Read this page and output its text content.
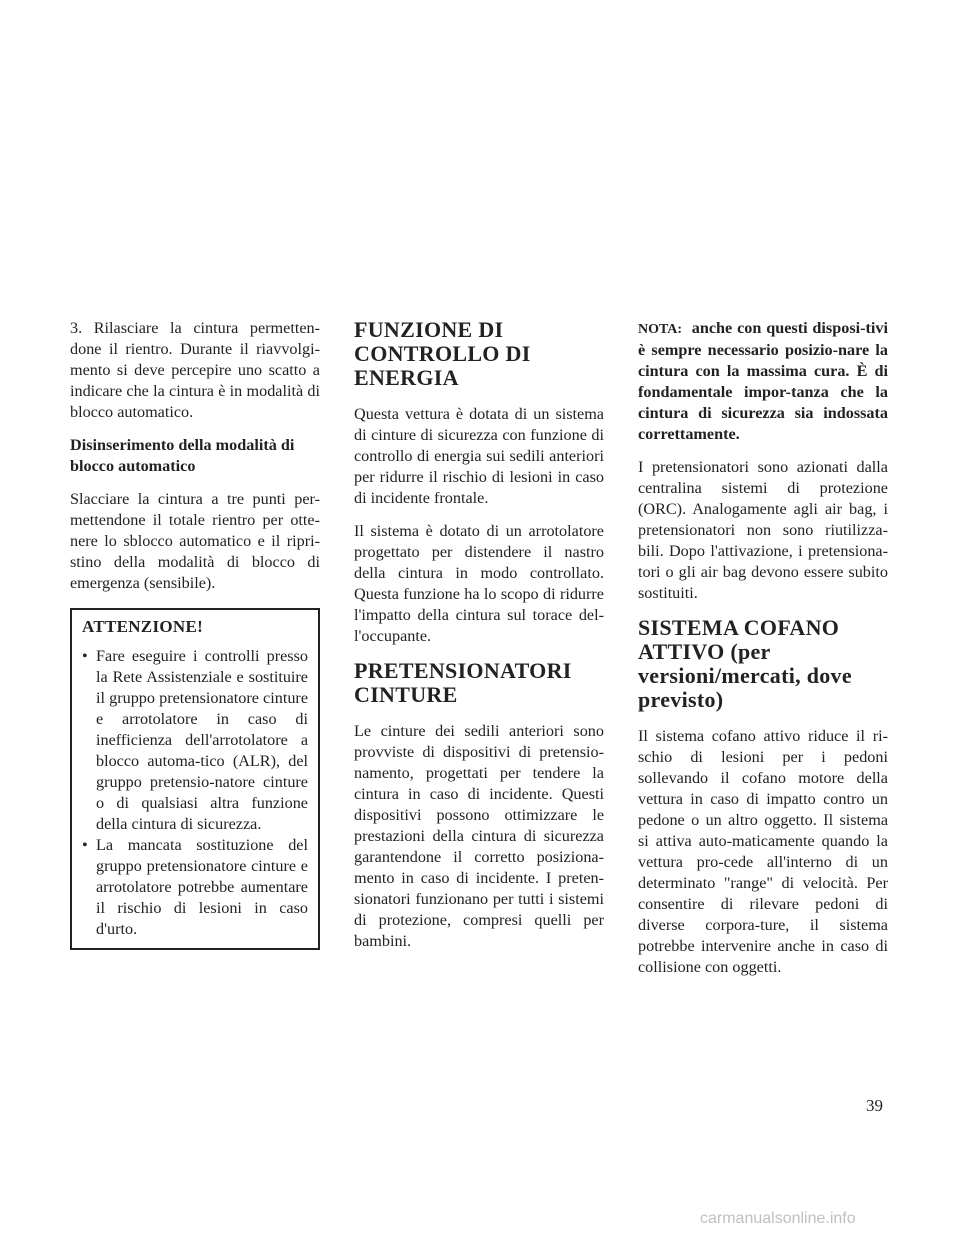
3. Rilasciare la cintura permetten-done il rientro. Durante il riavvolgi-mento si deve percepire uno scatto a indicare che la cintura è in modalità di blocco automatico.

Disinserimento della modalità di blocco automatico

Slacciare la cintura a tre punti per-mettendone il totale rientro per otte-nere lo sblocco automatico e il ripri-stino della modalità di blocco di emergenza (sensibile).

ATTENZIONE!
• Fare eseguire i controlli presso la Rete Assistenziale e sostituire il gruppo pretensionatore cinture e arrotolatore in caso di inefficienza dell'arrotolatore a blocco automa-tico (ALR), del gruppo pretensio-natore cinture o di qualsiasi altra funzione della cintura di sicurezza.
• La mancata sostituzione del gruppo pretensionatore cinture e arrotolatore potrebbe aumentare il rischio di lesioni in caso d'urto.
FUNZIONE DI CONTROLLO DI ENERGIA

Questa vettura è dotata di un sistema di cinture di sicurezza con funzione di controllo di energia sui sedili anteriori per ridurre il rischio di lesioni in caso di incidente frontale.

Il sistema è dotato di un arrotolatore progettato per distendere il nastro della cintura in modo controllato. Questa funzione ha lo scopo di ridurre l'impatto della cintura sul torace del-l'occupante.

PRETENSIONATORI CINTURE

Le cinture dei sedili anteriori sono provviste di dispositivi di pretensio-namento, progettati per tendere la cintura in caso di incidente. Questi dispositivi possono ottimizzare le prestazioni della cintura di sicurezza garantendone il corretto posiziona-mento in caso di incidente. I preten-sionatori funzionano per tutti i sistemi di protezione, compresi quelli per bambini.

NOTA: anche con questi disposi-tivi è sempre necessario posizio-nare la cintura con la massima cura. È di fondamentale impor-tanza che la cintura di sicurezza sia indossata correttamente.

I pretensionatori sono azionati dalla centralina sistemi di protezione (ORC). Analogamente agli air bag, i pretensionatori non sono riutilizza-bili. Dopo l'attivazione, i pretensiona-tori o gli air bag devono essere subito sostituiti.

SISTEMA COFANO ATTIVO (per versioni/mercati, dove previsto)

Il sistema cofano attivo riduce il ri-schio di lesioni per i pedoni sollevando il cofano motore della vettura in caso di impatto contro un pedone o un altro oggetto. Il sistema si attiva auto-maticamente quando la vettura pro-cede all'interno di un determinato "range" di velocità. Per consentire di rilevare pedoni di diverse corpora-ture, il sistema potrebbe intervenire anche in caso di collisione con oggetti.

39
carmanualsonline.info
